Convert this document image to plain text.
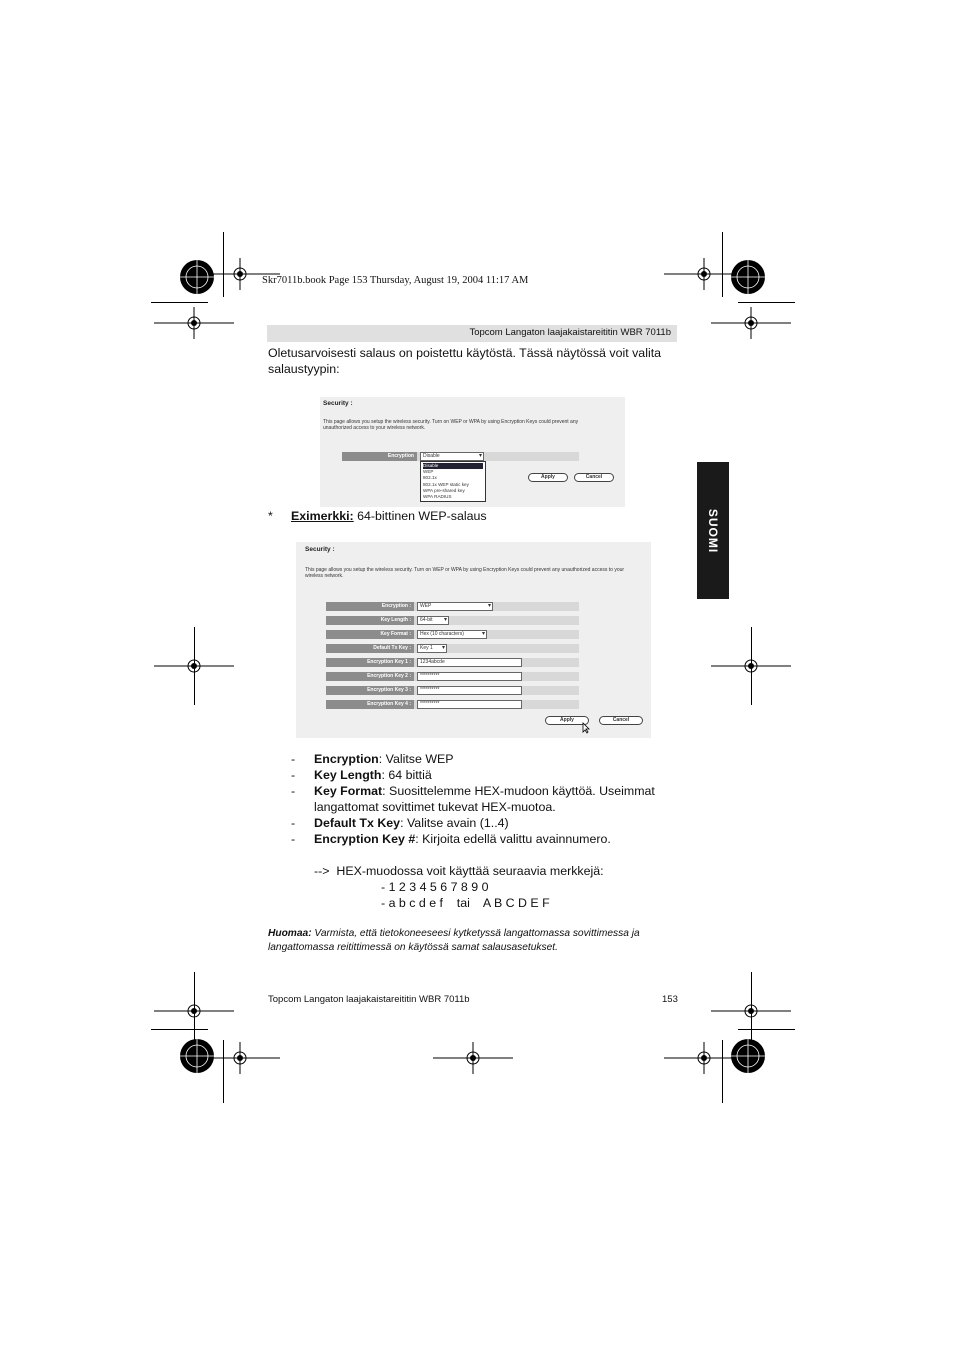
Skr7011b.book Page 153 Thursday, August 19, 2004 11:17 AM
Topcom Langaton laajakaistareititin WBR 7011b
SUOMI
Oletusarvoisesti salaus on poistettu käytöstä. Tässä näytössä voit valita salaustyypin:
Security :
This page allows you setup the wireless security. Turn on WEP or WPA by using Encryption Keys could prevent any unauthorized access to your wireless network.
Encryption	Disable ▾
Disable
WEP
802.1x
802.1x WEP static key
WPA pre-shared key
WPA RADIUS
Apply	Cancel
* Eximerkki: 64-bittinen WEP-salaus
Security :
This page allows you setup the wireless security. Turn on WEP or WPA by using Encryption Keys could prevent any unauthorized access to your wireless network.
Encryption :	WEP ▾
Key Length :	64-bit ▾
Key Format :	Hex (10 characters) ▾
Default Tx Key :	Key 1 ▾
Encryption Key 1 :	1234abcde
Encryption Key 2 :	**********
Encryption Key 3 :	**********
Encryption Key 4 :	**********
Apply	Cancel
- Encryption: Valitse WEP
- Key Length: 64 bittiä
- Key Format: Suosittelemme HEX-mudoon käyttöä. Useimmat langattomat sovittimet tukevat HEX-muotoa.
- Default Tx Key: Valitse avain (1..4)
- Encryption Key #: Kirjoita edellä valittu avainnumero.
-->  HEX-muodossa voit käyttää seuraavia merkkejä:
- 1 2 3 4 5 6 7 8 9 0
- a b c d e f    tai    A B C D E F
Huomaa: Varmista, että tietokoneeseesi kytketyssä langattomassa sovittimessa ja langattomassa reitittimessä on käytössä samat salausasetukset.
Topcom Langaton laajakaistareititin WBR 7011b	153
